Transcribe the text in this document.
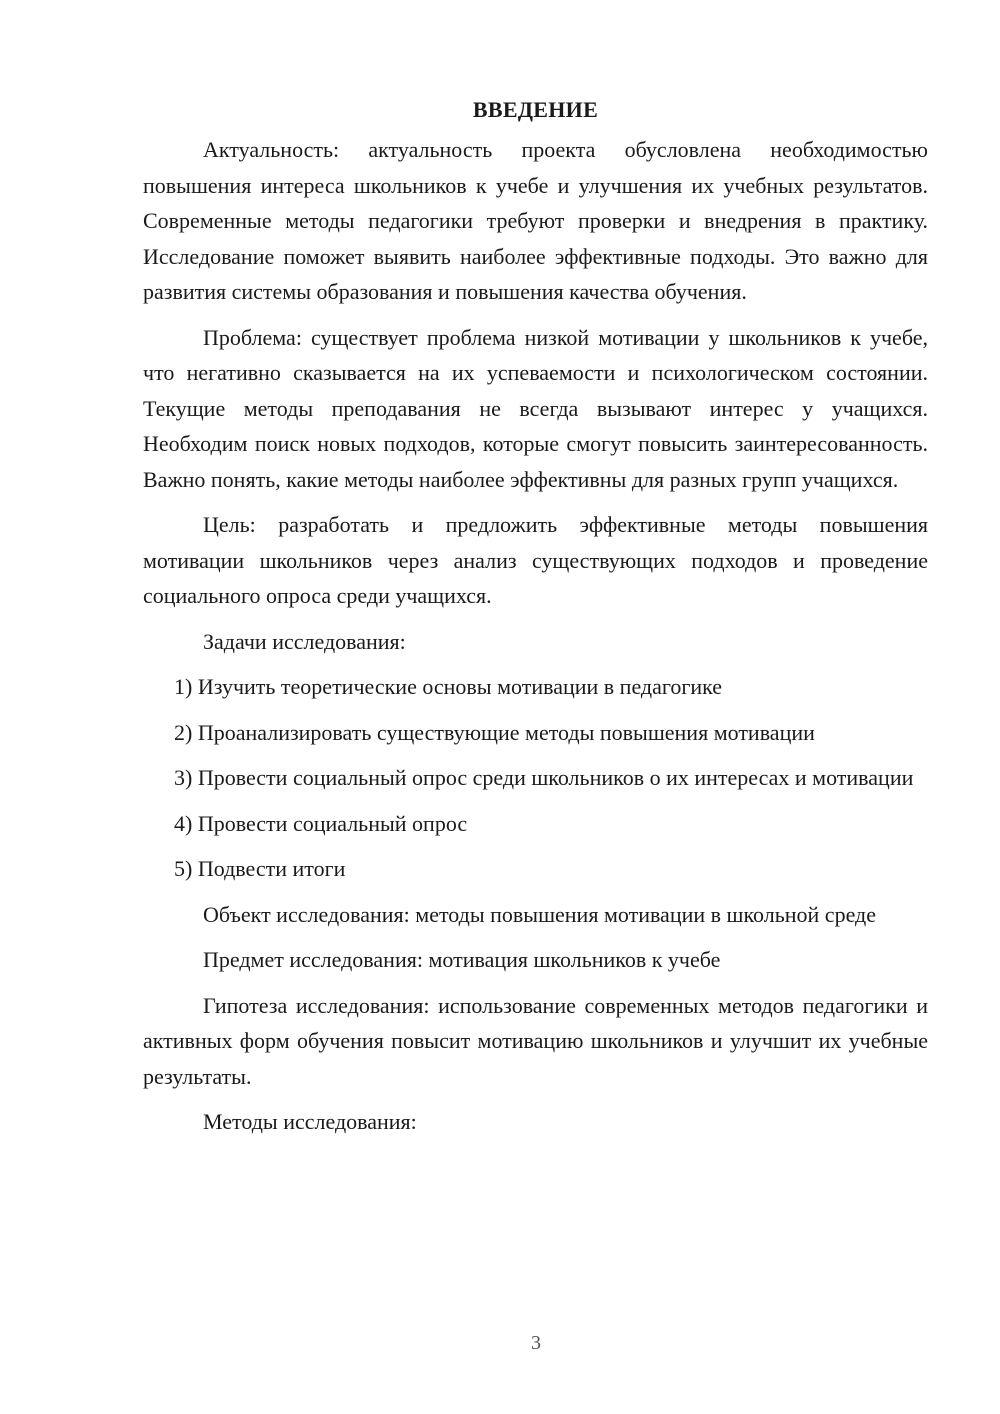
ВВЕДЕНИЕ

Актуальность: актуальность проекта обусловлена необходимостью повышения интереса школьников к учебе и улучшения их учебных результатов. Современные методы педагогики требуют проверки и внедрения в практику. Исследование поможет выявить наиболее эффективные подходы. Это важно для развития системы образования и повышения качества обучения.

Проблема: существует проблема низкой мотивации у школьников к учебе, что негативно сказывается на их успеваемости и психологическом состоянии. Текущие методы преподавания не всегда вызывают интерес у учащихся. Необходим поиск новых подходов, которые смогут повысить заинтересованность. Важно понять, какие методы наиболее эффективны для разных групп учащихся.

Цель: разработать и предложить эффективные методы повышения мотивации школьников через анализ существующих подходов и проведение социального опроса среди учащихся.

Задачи исследования:

1) Изучить теоретические основы мотивации в педагогике

2) Проанализировать существующие методы повышения мотивации

3) Провести социальный опрос среди школьников о их интересах и мотивации

4) Провести социальный опрос

5) Подвести итоги

Объект исследования: методы повышения мотивации в школьной среде

Предмет исследования: мотивация школьников к учебе

Гипотеза исследования: использование современных методов педагогики и активных форм обучения повысит мотивацию школьников и улучшит их учебные результаты.

Методы исследования:

3
